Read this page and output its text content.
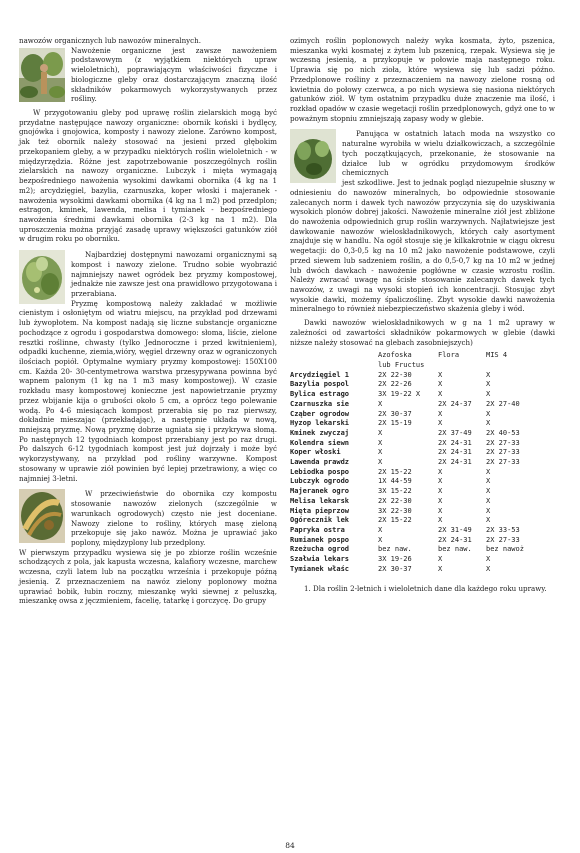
nawozów organicznych lub nawozów mineralnych.

Nawożenie organiczne jest zawsze nawożeniem podstawowym (z wyjątkiem niektórych upraw wieloletnich), poprawiającym właściwości fizyczne i biologiczne gleby oraz dostarczającym znaczną ilość składników pokarmowych wykorzystywanych przez rośliny.

W przygotowaniu gleby pod uprawę roślin zielarskich mogą być przydatne następujące nawozy organiczne: obornik koński i bydlęcy, gnojówka i gnojowica, komposty i nawozy zielone. Zarówno kompost, jak też obornik należy stosować na jesieni przed głębokim przekopaniem gleby, a w przypadku niektórych roślin wieloletnich - w międzyrzędzia. Różne jest zapotrzebowanie poszczególnych roślin zielarskich na nawozy organiczne. Lubczyk i mięta wymagają bezpośredniego nawożenia wysokimi dawkami obornika (4 kg na 1 m2); arcydzięgiel, bazylia, czarnuszka, koper włoski i majeranek - nawożenia wysokimi dawkami obornika (4 kg na 1 m2) pod przedplon; estragon, kminek, lawenda, melisa i tymianek - bezpośredniego nawożenia średnimi dawkami obornika (2-3 kg na 1 m2). Dla uproszczenia można przyjąć zasadę uprawy większości gatunków ziół w drugim roku po oborniku.

Najbardziej dostępnymi nawozami organicznymi są kompost i nawozy zielone. Trudno sobie wyobrazić najmniejszy nawet ogródek bez pryzmy kompostowej, jednakże nie zawsze jest ona prawidłowo przygotowana i przerabiana.

Pryzmę kompostową należy zakładać w możliwie cienistym i osłoniętym od wiatru miejscu, na przykład pod drzewami lub żywopłotem. Na kompost nadają się liczne substancje organiczne pochodzące z ogrodu i gospodarstwa domowego: słoma, liście, zielone resztki roślinne, chwasty (tylko Jednoroczne i przed kwitnieniem), odpadki kuchenne, ziemia,wióry, węgiel drzewny oraz w ograniczonych ilościach popiół. Optymalne wymiary pryzmy kompostowej: 150X100 cm. Każda 20- 30-centymetrowa warstwa przesypywana powinna być wapnem palonym (1 kg na 1 m3 masy kompostowej). W czasie rozkładu masy kompostowej konieczne jest napowietrzanie pryzmy przez wbijanie kija o grubości około 5 cm, a oprócz tego polewanie wodą. Po 4-6 miesiącach kompost przerabia się po raz pierwszy, dokładnie mieszając (przekładając), a następnie układa w nową, mniejszą pryzmę. Nową pryzmę dobrze ugniata się i przykrywa słomą. Po następnych 12 tygodniach kompost przerabiany jest po raz drugi. Po dalszych 6-12 tygodniach kompost jest już dojrzały i może być wykorzystywany, na przykład pod rośliny warzywne. Kompost stosowany w uprawie ziół powinien być lepiej przetrawiony, a więc co najmniej 3-letni.

W przeciwieństwie do obornika czy kompostu stosowanie nawozów zielonych (szczególnie w warunkach ogrodowych) często nie jest doceniane. Nawozy zielone to rośliny, których masę zieloną przekopuje się jako nawóz. Można je uprawiać jako poplony, międzyplony lub przedplony.

W pierwszym przypadku wysiewa się je po zbiorze roślin wcześnie schodzących z pola, jak kapusta wczesna, kalafiory wczesne, marchew wczesna, czyli latem lub na początku września i przekopuje późną jesienią. Z przeznaczeniem na nawóz zielony poplonowy można uprawiać bobik, łubin roczny, mieszankę wyki siewnej z peluszką, mieszankę owsa z jęczmieniem, facelię, tatarkę i gorczycę. Do grupy

ozimych roślin poplonowych należy wyka kosmata, żyto, pszenica, mieszanka wyki kosmatej z żytem lub pszenicą, rzepak. Wysiewa się je wczesną jesienią, a przykopuje w połowie maja następnego roku. Uprawia się po nich zioła, które wysiewa się lub sadzi późno. Przedplonowe rośliny z przeznaczeniem na nawozy zielone rosną od kwietnia do połowy czerwca, a po nich wysiewa się nasiona niektórych gatunków ziół. W tym ostatnim przypadku duże znaczenie ma ilość, i rozkład opadów w czasie wegetacji roślin przedplonowych, gdyż one to w poważnym stopniu zmniejszają zapasy wody w glebie.

Panująca w ostatnich latach moda na wszystko co naturalne wyrobiła w wielu działkowiczach, a szczególnie tych początkujących, przekonanie, że stosowanie na działce lub w ogródku przydomowym środków chemicznych

jest szkodliwe. Jest to jednak pogląd niezupełnie słuszny w odniesieniu do nawozów mineralnych, bo odpowiednie stosowanie zalecanych norm i dawek tych nawozów przyczynia się do uzyskiwania wysokich plonów dobrej jakości. Nawożenie mineralne ziół jest zbliżone do nawożenia odpowiednich grup roślin warzywnych. Najłatwiejsze jest dawkowanie nawozów wieloskładnikowych, których cały asortyment znajduje się w handlu. Na ogół stosuje się je kilkakrotnie w ciągu okresu wegetacji: do 0,3-0,5 kg na 10 m2 jako nawożenie podstawowe, czyli przed siewem lub sadzeniem roślin, a do 0,5-0,7 kg na 10 m2 w jednej lub dwóch dawkach - nawożenie pogłówne w czasie wzrostu roślin. Należy zwracać uwagę na ścisłe stosowanie zalecanych dawek tych nawozów, z uwagi na wysoki stopień ich koncentracji. Stosując zbyt wysokie dawki, możemy śpaliczoślinę. Zbyt wysokie dawki nawożenia mineralnego to również niebezpieczeństwo skażenia gleby i wód.

Dawki nawozów wieloskładnikowych w g na 1 m2 uprawy w zależności od zawartości składników pokarmowych w glebie (dawki niższe należy stosować na glebach zasobniejszych)

	Azofoska
lub Fructus	Flora	MIS 4
Arcydzięgiel 1	2X 22-30	X	X
Bazylia pospol	2X 22-26	X	X
Bylica estrago	3X 19-22 X	X	X
Czarnuszka sie	X	2X 24-37	2X 27-40
Cząber ogrodow	2X 30-37	X	X
Hyzop lekarski	2X 15-19	X	X
Kminek zwyczaj	X	2X 37-49	2X 40-53
Kolendra siewn	X	2X 24-31	2X 27-33
Koper włoski	X	2X 24-31	2X 27-33
Lawenda prawdz	X	2X 24-31	2X 27-33
Lebiodka pospo	2X 15-22	X	X
Lubczyk ogrodo	1X 44-59	X	X
Majeranek ogro	3X 15-22	X	X
Melisa lekarsk	2X 22-30	X	X
Mięta pieprzow	3X 22-30	X	X
Ogórecznik lek	2X 15-22	X	X
Papryka ostra	X	2X 31-49	2X 33-53
Rumianek pospo	X	2X 24-31	2X 27-33
Rzeżucha ogrod	bez naw.	bez naw.	bez nawoż
Szałwia lekars	3X 19-26	X	X
Tymianek właśc	2X 30-37	X	X

1. Dla roślin 2-letnich i wieloletnich dane dla każdego roku uprawy.

84
